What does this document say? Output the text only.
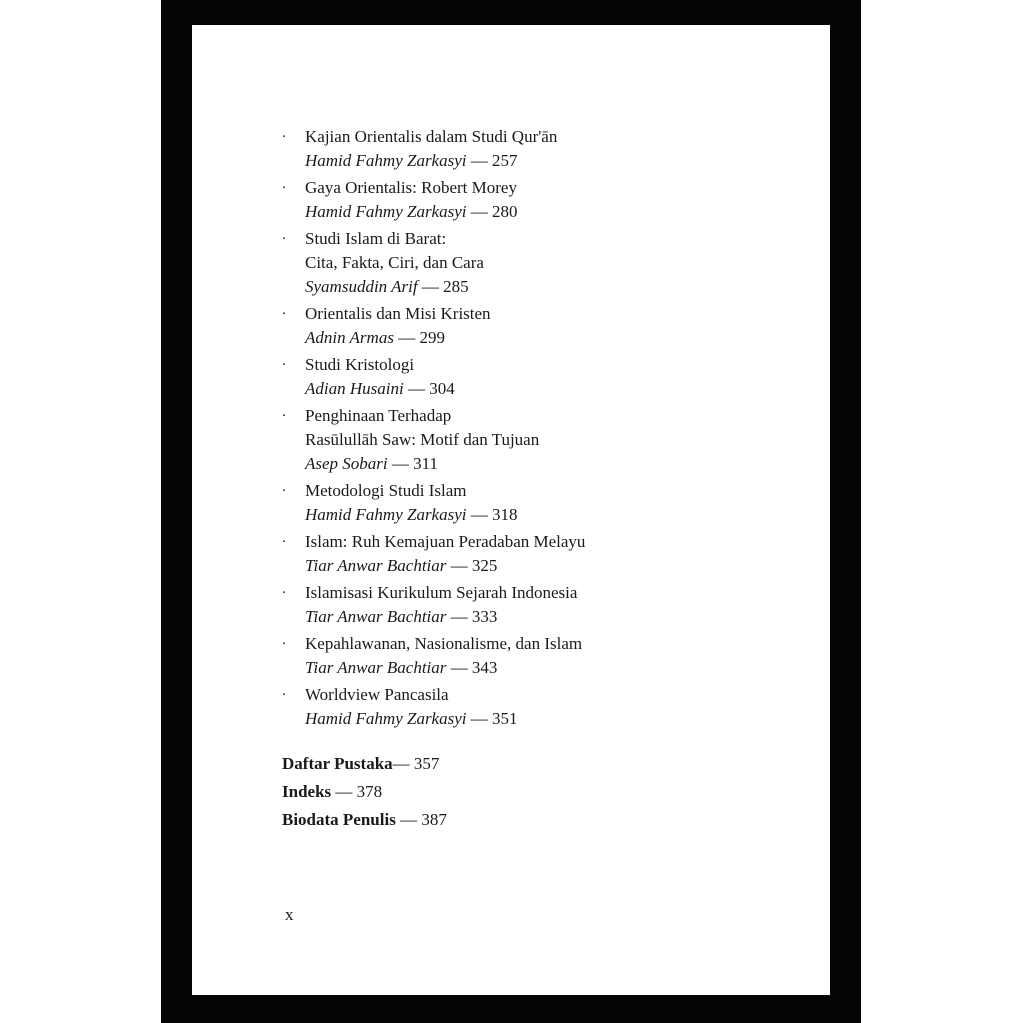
· Kajian Orientalis dalam Studi Qur'ān
Hamid Fahmy Zarkasyi — 257
· Gaya Orientalis: Robert Morey
Hamid Fahmy Zarkasyi — 280
· Studi Islam di Barat:
Cita, Fakta, Ciri, dan Cara
Syamsuddin Arif — 285
· Orientalis dan Misi Kristen
Adnin Armas — 299
· Studi Kristologi
Adian Husaini — 304
· Penghinaan Terhadap
Rasūlullāh Saw: Motif dan Tujuan
Asep Sobari — 311
· Metodologi Studi Islam
Hamid Fahmy Zarkasyi — 318
· Islam: Ruh Kemajuan Peradaban Melayu
Tiar Anwar Bachtiar — 325
· Islamisasi Kurikulum Sejarah Indonesia
Tiar Anwar Bachtiar — 333
· Kepahlawanan, Nasionalisme, dan Islam
Tiar Anwar Bachtiar — 343
· Worldview Pancasila
Hamid Fahmy Zarkasyi — 351
Daftar Pustaka— 357
Indeks — 378
Biodata Penulis — 387
x
